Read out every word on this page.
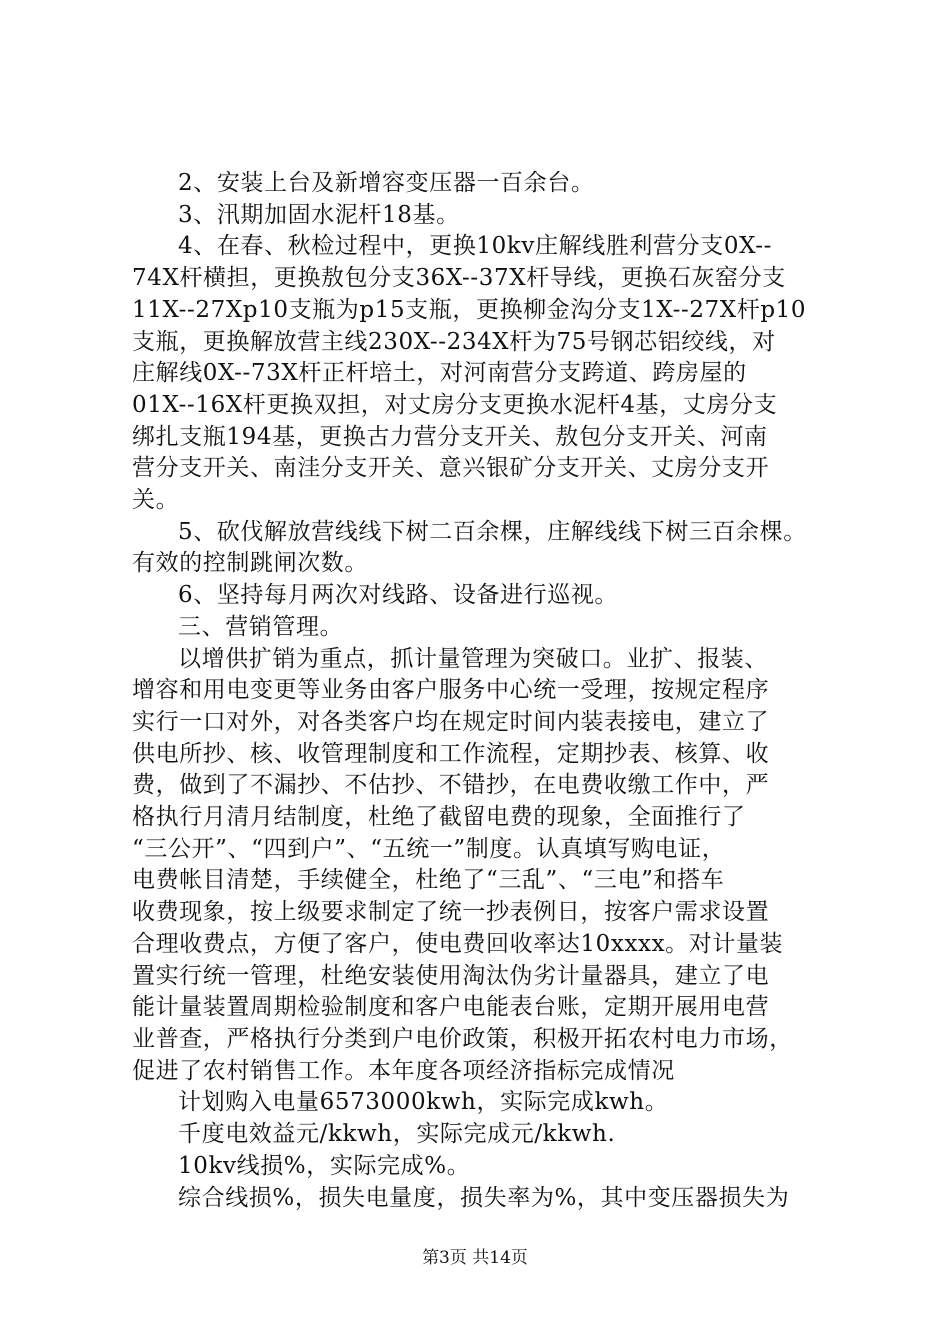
2、安装上台及新增容变压器一百余台。
3、汛期加固水泥杆18基。
4、在春、秋检过程中，更换10kv庄解线胜利营分支0X--
74X杆横担，更换敖包分支36X--37X杆导线，更换石灰窑分支
11X--27Xp10支瓶为p15支瓶，更换柳金沟分支1X--27X杆p10
支瓶，更换解放营主线230X--234X杆为75号钢芯铝绞线，对
庄解线0X--73X杆正杆培土，对河南营分支跨道、跨房屋的
01X--16X杆更换双担，对丈房分支更换水泥杆4基，丈房分支
绑扎支瓶194基，更换古力营分支开关、敖包分支开关、河南
营分支开关、南洼分支开关、意兴银矿分支开关、丈房分支开
关。
5、砍伐解放营线线下树二百余棵，庄解线线下树三百余棵。
有效的控制跳闸次数。
6、坚持每月两次对线路、设备进行巡视。
三、营销管理。
以增供扩销为重点，抓计量管理为突破口。业扩、报装、
增容和用电变更等业务由客户服务中心统一受理，按规定程序
实行一口对外，对各类客户均在规定时间内装表接电，建立了
供电所抄、核、收管理制度和工作流程，定期抄表、核算、收
费，做到了不漏抄、不估抄、不错抄，在电费收缴工作中，严
格执行月清月结制度，杜绝了截留电费的现象，全面推行了
“三公开”、“四到户”、“五统一”制度。认真填写购电证，
电费帐目清楚，手续健全，杜绝了“三乱”、“三电”和搭车
收费现象，按上级要求制定了统一抄表例日，按客户需求设置
合理收费点，方便了客户，使电费回收率达10xxxx。对计量装
置实行统一管理，杜绝安装使用淘汰伪劣计量器具，建立了电
能计量装置周期检验制度和客户电能表台账，定期开展用电营
业普查，严格执行分类到户电价政策，积极开拓农村电力市场，
促进了农村销售工作。本年度各项经济指标完成情况
计划购入电量6573000kwh，实际完成kwh。
千度电效益元/kkwh，实际完成元/kkwh.
10kv线损%，实际完成%。
综合线损%，损失电量度，损失率为%，其中变压器损失为
第3页 共14页
